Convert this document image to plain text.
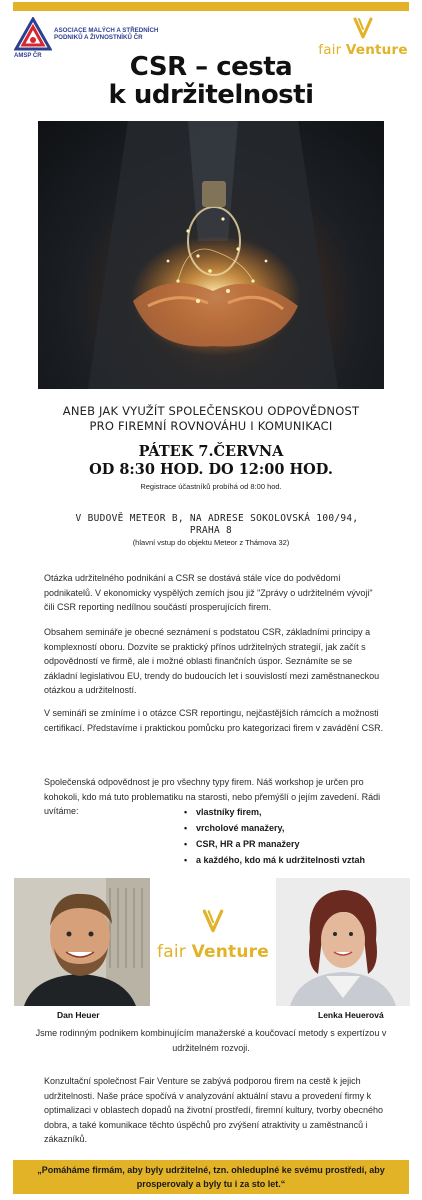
ASOCIACE MALÝCH A STŘEDNÍCH PODNIKŮ A ŽIVNOSTNÍKŮ ČR
AMSP ČR	fair Venture
CSR – cesta
k udržitelnosti
ANEB JAK VYUŽÍT SPOLEČENSKOU ODPOVĚDNOST
PRO FIREMNÍ ROVNOVÁHU I KOMUNIKACI
PÁTEK 7.ČERVNA
OD 8:30 HOD. DO 12:00 HOD.
Registrace účastníků probíhá od 8:00 hod.
V BUDOVĚ METEOR B, NA ADRESE SOKOLOVSKÁ 100/94,
PRAHA 8
(hlavní vstup do objektu Meteor z Thámova 32)
Otázka udržitelného podnikání a CSR se dostává stále více do podvědomí podnikatelů. V ekonomicky vyspělých zemích jsou již "Zprávy o udržitelném vývoji" čili CSR reporting nedílnou součástí prosperujících firem.
Obsahem semináře je obecné seznámení s podstatou CSR, základními principy a komplexností oboru. Dozvíte se praktický přínos udržitelných strategií, jak začít s odpovědností ve firmě, ale i možné oblasti finančních úspor. Seznámíte se se základní legislativou EU, trendy do budoucích let i souvislostí mezi zaměstnaneckou otázkou a udržitelností.
V semináři se zmíníme i o otázce CSR reportingu, nejčastějších rámcích a možnosti certifikací. Představíme i praktickou pomůcku pro kategorizaci firem v zavádění CSR.
Společenská odpovědnost je pro všechny typy firem. Náš workshop je určen pro kohokoli, kdo má tuto problematiku na starosti, nebo přemýšlí o jejím zavedení. Rádi uvítáme:
•	vlastníky firem,
• vrcholové manažery,
• CSR, HR a PR manažery
• a každého, kdo má k udržitelnosti vztah
fair Venture
Dan Heuer	Lenka Heuerová
Jsme rodinným podnikem kombinujícím manažerské a koučovací metody s expertízou v udržitelném rozvoji.
Konzultační společnost Fair Venture se zabývá podporou firem na cestě k jejich udržitelnosti. Naše práce spočívá v analyzování aktuální stavu a provedení firmy k optimalizaci v oblastech dopadů na životní prostředí, firemní kultury, tvorby obecného dobra, a také komunikace těchto úspěchů pro zvýšení atraktivity u zaměstnanců i zákazníků.
„Pomáháme firmám, aby byly udržitelné, tzn. ohleduplné ke svému prostředí, aby prosperovaly a byly tu i za sto let.“
